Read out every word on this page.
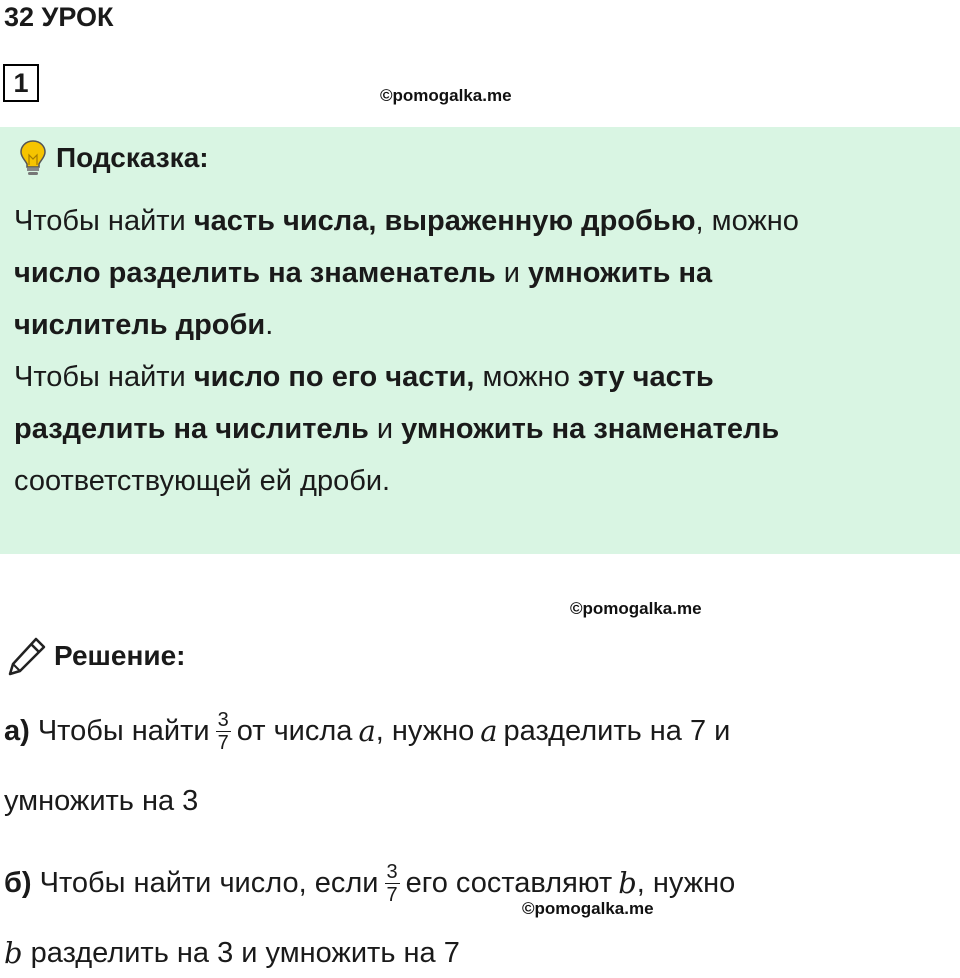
32 УРОК
1	©pomogalka.me
Подсказка:
Чтобы найти часть числа, выраженную дробью, можно
число разделить на знаменатель и умножить на
числитель дроби.
Чтобы найти число по его части, можно эту часть
разделить на числитель и умножить на знаменатель
соответствующей ей дроби.
©pomogalka.me
Решение:
а) Чтобы найти $\frac{3}{7}$ от числа a , нужно a разделить на 7 и
умножить на 3
б) Чтобы найти число, если $\frac{3}{7}$ его составляют b , нужно
©pomogalka.me
b разделить на 3 и умножить на 7
